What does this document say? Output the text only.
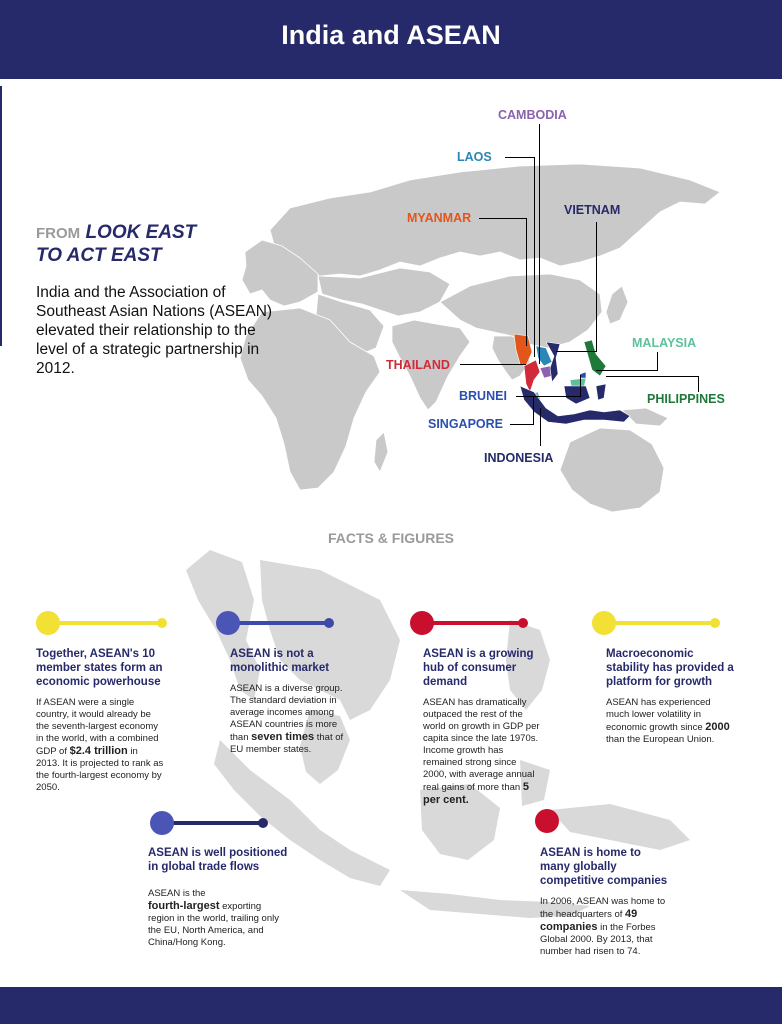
India and ASEAN
FROM LOOK EAST
TO ACT EAST
India and the Association of Southeast Asian Nations (ASEAN) elevated their relationship to the level of a strategic partnership in 2012.
CAMBODIA
LAOS
MYANMAR
VIETNAM
MALAYSIA
THAILAND
BRUNEI	PHILIPPINES
SINGAPORE
INDONESIA
FACTS & FIGURES
Together, ASEAN's 10 member states form an economic powerhouse
If ASEAN were a single country, it would already be the seventh-largest economy in the world, with a combined GDP of $2.4 trillion in 2013. It is projected to rank as the fourth-largest economy by 2050.
ASEAN is not a monolithic market
ASEAN is a diverse group. The standard deviation in average incomes among ASEAN countries is more than seven times that of EU member states.
ASEAN is a growing hub of consumer demand
ASEAN has dramatically outpaced the rest of the world on growth in GDP per capita since the late 1970s. Income growth has remained strong since 2000, with average annual real gains of more than 5 per cent.
Macroeconomic stability has provided a platform for growth
ASEAN has experienced much lower volatility in economic growth since 2000 than the European Union.
ASEAN is well positioned in global trade flows
ASEAN is the
fourth-largest exporting region in the world, trailing only the EU, North America, and China/Hong Kong.
ASEAN is home to many globally competitive companies
In 2006, ASEAN was home to the headquarters of 49 companies in the Forbes Global 2000. By 2013, that number had risen to 74.
